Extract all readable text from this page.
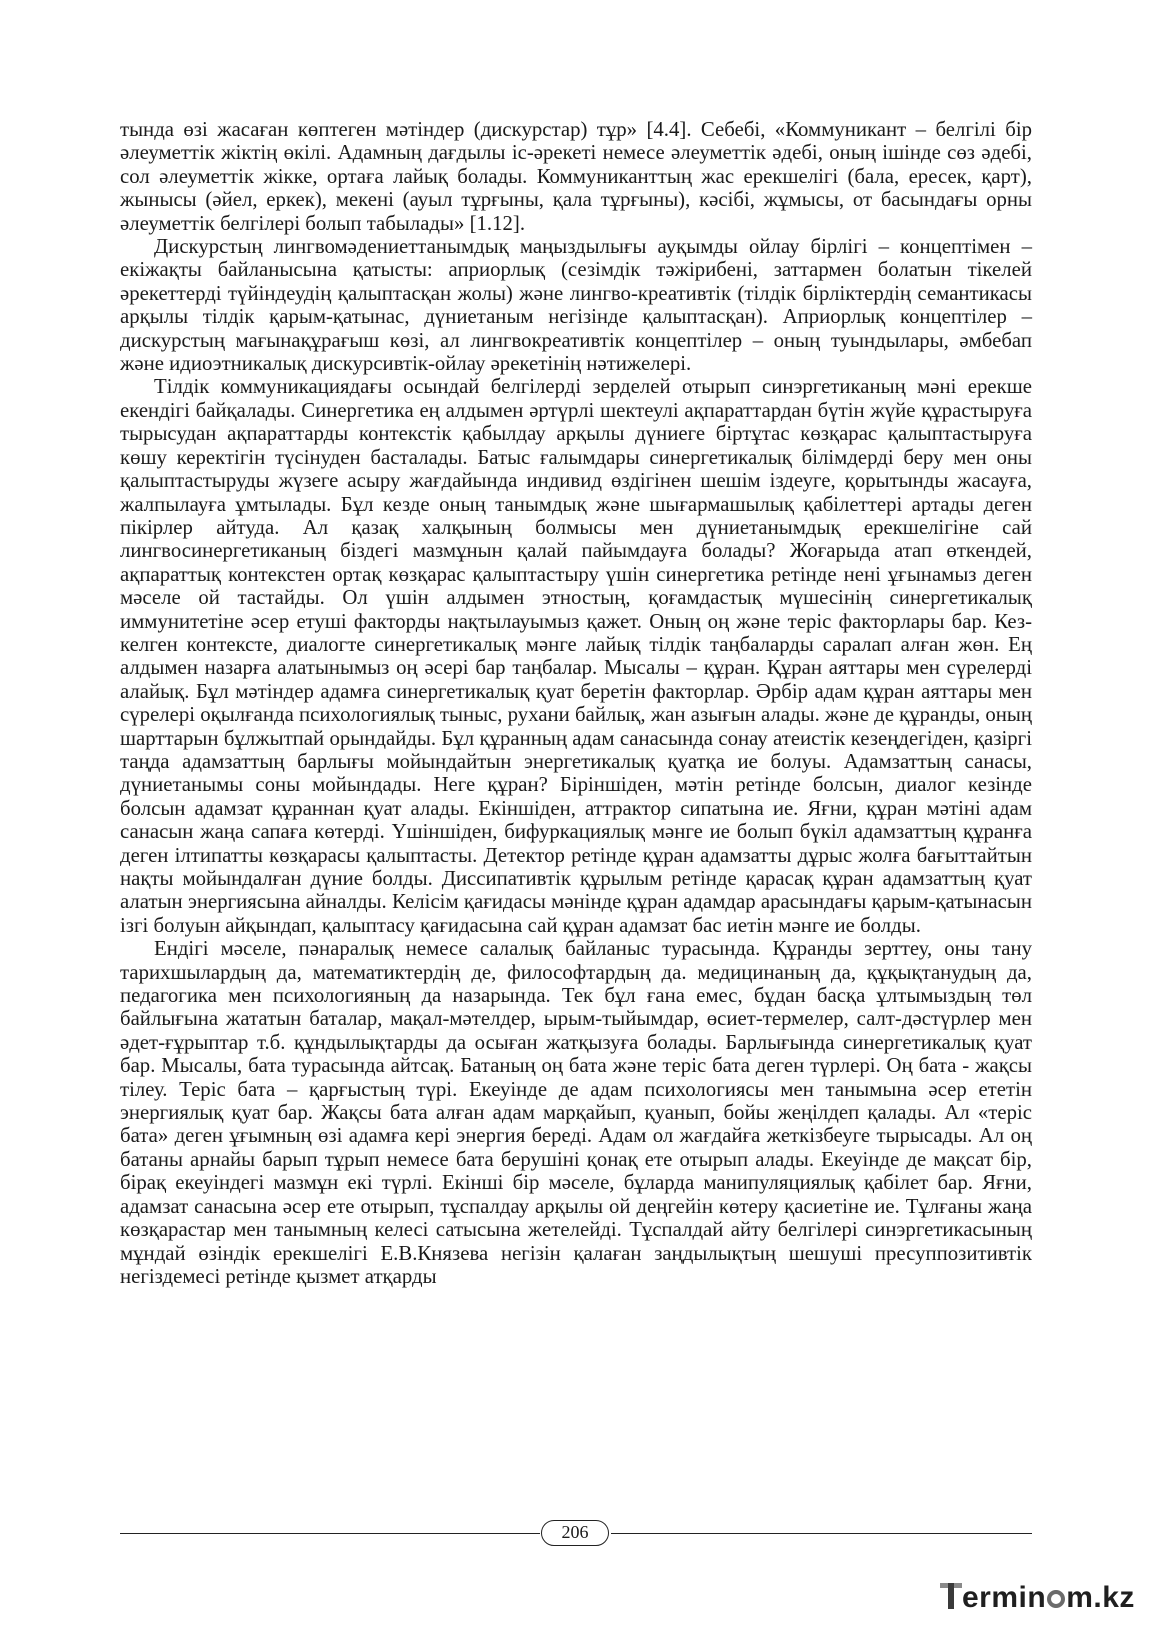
тында өзі жасаған көптеген мәтіндер (дискурстар) тұр» [4.4]. Себебі, «Коммуникант – белгілі бір әлеуметтік жіктің өкілі. Адамның дағдылы іс-әрекеті немесе әлеуметтік әдебі, оның ішінде сөз әдебі, сол әлеуметтік жікке, ортаға лайық болады. Коммуниканттың жас ерекшелігі (бала, ересек, қарт), жынысы (әйел, еркек), мекені (ауыл тұрғыны, қала тұрғыны), кәсібі, жұмысы, от басындағы орны әлеуметтік белгілері болып табылады» [1.12].

Дискурстың лингвомәдениеттанымдық маңыздылығы ауқымды ойлау бірлігі – концептімен – екіжақты байланысына қатысты: априорлық (сезімдік тәжірибені, заттармен болатын тікелей әрекеттерді түйіндеудің қалыптасқан жолы) және лингво-креативтік (тілдік бірліктердің семантикасы арқылы тілдік қарым-қатынас, дүниетаным негізінде қалыптасқан). Априорлық концептілер – дискурстың мағынақұрағыш көзі, ал лингвокреативтік концептілер – оның туындылары, әмбебап және идиоэтникалық дискурсивтік-ойлау әрекетінің нәтижелері.

Тілдік коммуникациядағы осындай белгілерді зерделей отырып синэргетиканың мәні ерекше екендігі байқалады. Синергетика ең алдымен әртүрлі шектеулі ақпараттардан бүтін жүйе құрастыруға тырысудан ақпараттарды контекстік қабылдау арқылы дүниеге біртұтас көзқарас қалыптастыруға көшу керектігін түсінуден басталады. Батыс ғалымдары синергетикалық білімдерді беру мен оны қалыптастыруды жүзеге асыру жағдайында индивид өздігінен шешім іздеуге, қорытынды жасауға, жалпылауға ұмтылады. Бұл кезде оның танымдық және шығармашылық қабілеттері артады деген пікірлер айтуда. Ал қазақ халқының болмысы мен дүниетанымдық ерекшелігіне сай лингвосинергетиканың біздегі мазмұнын қалай пайымдауға болады? Жоғарыда атап өткендей, ақпараттық контекстен ортақ көзқарас қалыптастыру үшін синергетика ретінде нені ұғынамыз деген мәселе ой тастайды. Ол үшін алдымен этностың, қоғамдастық мүшесінің синергетикалық иммунитетіне әсер етуші факторды нақтылауымыз қажет. Оның оң және теріс факторлары бар. Кез-келген контексте, диалогте синергетикалық мәнге лайық тілдік таңбаларды саралап алған жөн. Ең алдымен назарға алатынымыз оң әсері бар таңбалар. Мысалы – құран. Құран аяттары мен сүрелерді алайық. Бұл мәтіндер адамға синергетикалық қуат беретін факторлар. Әрбір адам құран аяттары мен сүрелері оқылғанда психологиялық тыныс, рухани байлық, жан азығын алады. және де құранды, оның шарттарын бұлжытпай орындайды. Бұл құранның адам санасында сонау атеистік кезеңдегіден, қазіргі таңда адамзаттың барлығы мойындайтын энергетикалық қуатқа ие болуы. Адамзаттың санасы, дүниетанымы соны мойындады. Неге құран? Біріншіден, мәтін ретінде болсын, диалог кезінде болсын адамзат құраннан қуат алады. Екіншіден, аттрактор сипатына ие. Яғни, құран мәтіні адам санасын жаңа сапаға көтерді. Үшіншіден, бифуркациялық мәнге ие болып бүкіл адамзаттың құранға деген ілтипатты көзқарасы қалыптасты. Детектор ретінде құран адамзатты дұрыс жолға бағыттайтын нақты мойындалған дүние болды. Диссипативтік құрылым ретінде қарасақ құран адамзаттың қуат алатын энергиясына айналды. Келісім қағидасы мәнінде құран адамдар арасындағы қарым-қатынасын ізгі болуын айқындап, қалыптасу қағидасына сай құран адамзат бас иетін мәнге ие болды.

Ендігі мәселе, пәнаралық немесе салалық байланыс турасында. Құранды зерттеу, оны тану тарихшылардың да, математиктердің де, философтардың да. медицинаның да, құқықтанудың да, педагогика мен психологияның да назарында. Тек бұл ғана емес, бұдан басқа ұлтымыздың төл байлығына жататын баталар, мақал-мәтелдер, ырым-тыйымдар, өсиет-термелер, салт-дәстүрлер мен әдет-ғұрыптар т.б. құндылықтарды да осыған жатқызуға болады. Барлығында синергетикалық қуат бар. Мысалы, бата турасында айтсақ. Батаның оң бата және теріс бата деген түрлері. Оң бата - жақсы тілеу. Теріс бата – қарғыстың түрі. Екеуінде де адам психологиясы мен танымына әсер ететін энергиялық қуат бар. Жақсы бата алған адам марқайып, қуанып, бойы жеңілдеп қалады. Ал «теріс бата» деген ұғымның өзі адамға кері энергия береді. Адам ол жағдайға жеткізбеуге тырысады. Ал оң батаны арнайы барып тұрып немесе бата берушіні қонақ ете отырып алады. Екеуінде де мақсат бір, бірақ екеуіндегі мазмұн екі түрлі. Екінші бір мәселе, бұларда манипуляциялық қабілет бар. Яғни, адамзат санасына әсер ете отырып, тұспалдау арқылы ой деңгейін көтеру қасиетіне ие. Тұлғаны жаңа көзқарастар мен танымның келесі сатысына жетелейді. Тұспалдай айту белгілері синэргетикасының мұндай өзіндік ерекшелігі Е.В.Князева негізін қалаған заңдылықтың шешуші пресуппозитивтік негіздемесі ретінде қызмет атқарды

206
ermin m.kz
